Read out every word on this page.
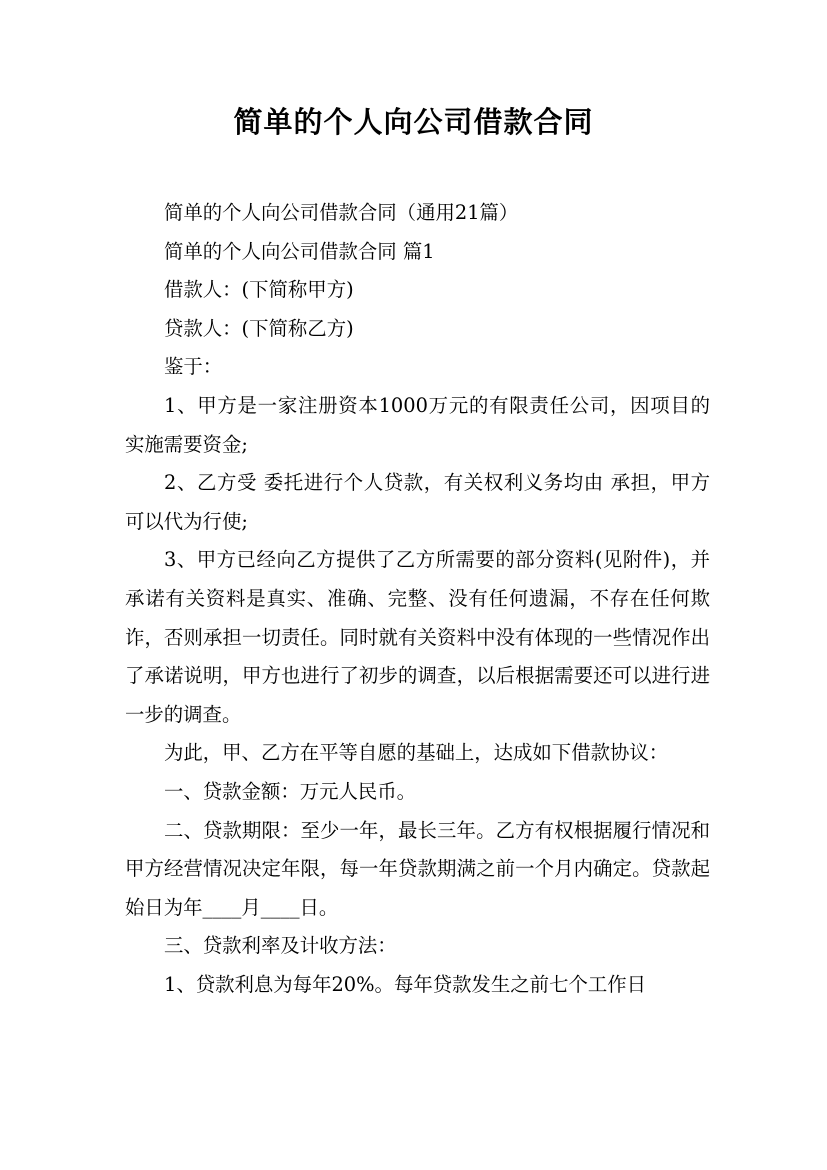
简单的个人向公司借款合同

简单的个人向公司借款合同（通用21篇）

简单的个人向公司借款合同 篇1

借款人：(下简称甲方)

贷款人：(下简称乙方)

鉴于：

1、甲方是一家注册资本1000万元的有限责任公司，因项目的实施需要资金;

2、乙方受 委托进行个人贷款，有关权利义务均由 承担，甲方可以代为行使;

3、甲方已经向乙方提供了乙方所需要的部分资料(见附件)，并承诺有关资料是真实、准确、完整、没有任何遗漏，不存在任何欺诈，否则承担一切责任。同时就有关资料中没有体现的一些情况作出了承诺说明，甲方也进行了初步的调查，以后根据需要还可以进行进一步的调查。

为此，甲、乙方在平等自愿的基础上，达成如下借款协议：

一、贷款金额：万元人民币。

二、贷款期限：至少一年，最长三年。乙方有权根据履行情况和甲方经营情况决定年限，每一年贷款期满之前一个月内确定。贷款起始日为年____月____日。

三、贷款利率及计收方法：

1、贷款利息为每年20%。每年贷款发生之前七个工作日
